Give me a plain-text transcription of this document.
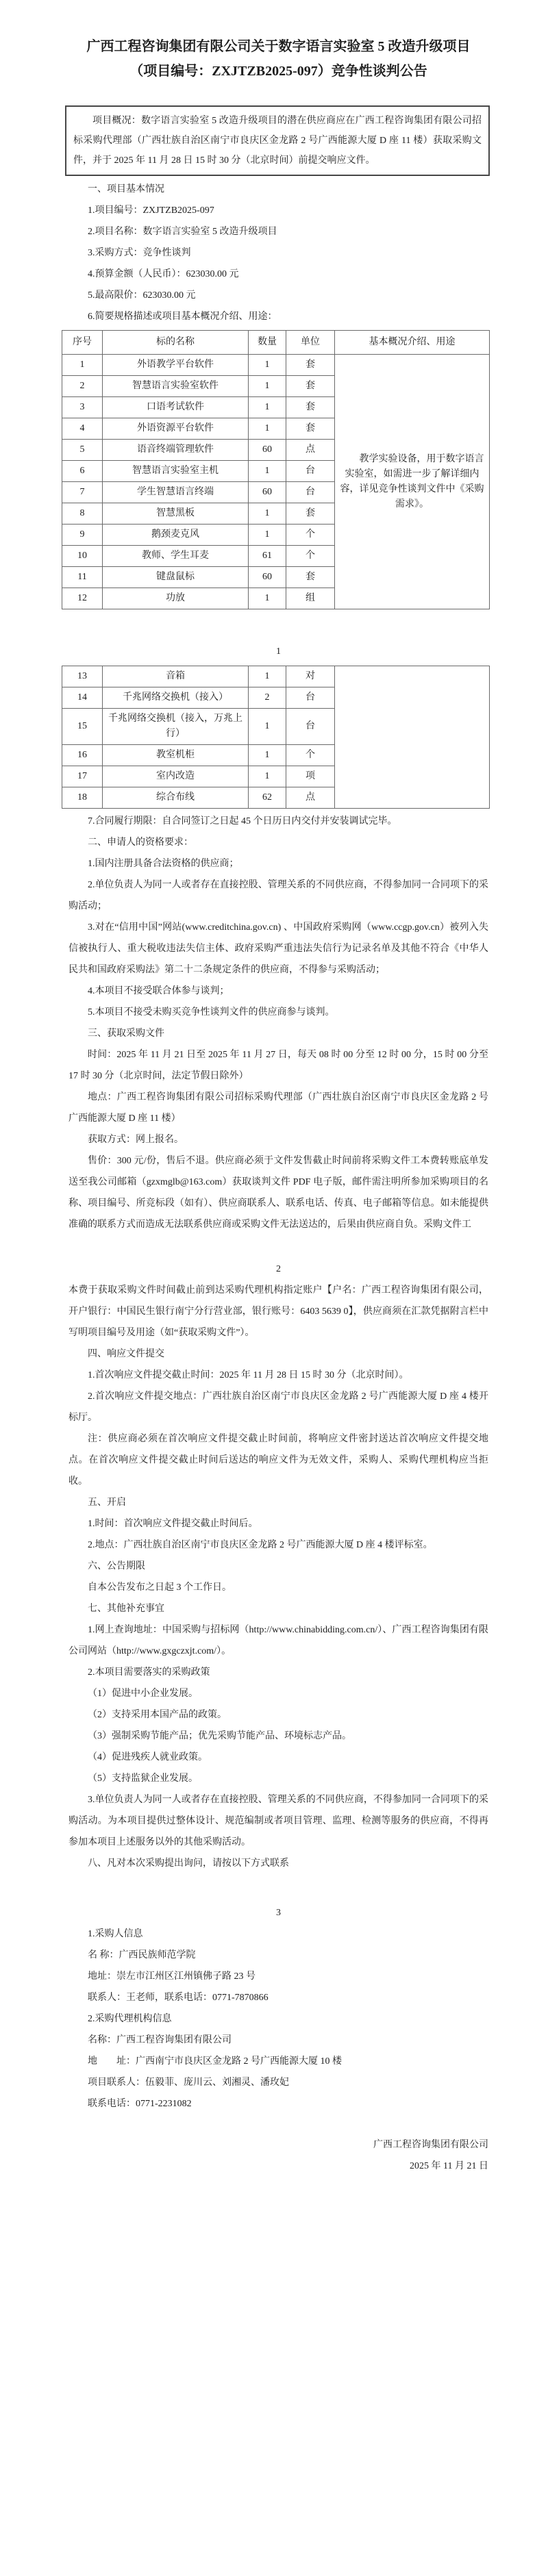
广西工程咨询集团有限公司关于数字语言实验室 5 改造升级项目
（项目编号：ZXJTZB2025-097）竞争性谈判公告
项目概况：数字语言实验室 5 改造升级项目的潜在供应商应在广西工程咨询集团有限公司招标采购代理部（广西壮族自治区南宁市良庆区金龙路 2 号广西能源大厦 D 座 11 楼）获取采购文件，并于 2025 年 11 月 28 日 15 时 30 分（北京时间）前提交响应文件。

一、项目基本情况

1.项目编号：ZXJTZB2025-097

2.项目名称：数字语言实验室 5 改造升级项目

3.采购方式：竞争性谈判

4.预算金额（人民币）：623030.00 元

5.最高限价：623030.00 元

6.简要规格描述或项目基本概况介绍、用途：

序号	标的名称	数量	单位	基本概况介绍、用途
1	外语教学平台软件	1	套	教学实验设备，用于数字语言实验室，如需进一步了解详细内容，详见竞争性谈判文件中《采购需求》。
2	智慧语言实验室软件	1	套	
3	口语考试软件	1	套	
4	外语资源平台软件	1	套	
5	语音终端管理软件	60	点	
6	智慧语言实验室主机	1	台	
7	学生智慧语言终端	60	台	
8	智慧黑板	1	套	
9	鹅颈麦克风	1	个	
10	教师、学生耳麦	61	个	
11	键盘鼠标	60	套	
12	功放	1	组	
1
13	音箱	1	对	
14	千兆网络交换机（接入）	2	台	
15	千兆网络交换机（接入，万兆上行）	1	台	
16	教室机柜	1	个	
17	室内改造	1	项	
18	综合布线	62	点	

7.合同履行期限：自合同签订之日起 45 个日历日内交付并安装调试完毕。

二、申请人的资格要求：

1.国内注册具备合法资格的供应商；

2.单位负责人为同一人或者存在直接控股、管理关系的不同供应商，不得参加同一合同项下的采购活动；

3.对在“信用中国”网站(www.creditchina.gov.cn) 、中国政府采购网（www.ccgp.gov.cn）被列入失信被执行人、重大税收违法失信主体、政府采购严重违法失信行为记录名单及其他不符合《中华人民共和国政府采购法》第二十二条规定条件的供应商，不得参与采购活动；

4.本项目不接受联合体参与谈判；

5.本项目不接受未购买竞争性谈判文件的供应商参与谈判。

三、获取采购文件

时间：2025 年 11 月 21 日至 2025 年 11 月 27 日，每天 08 时 00 分至 12 时 00 分，15 时 00 分至 17 时 30 分（北京时间，法定节假日除外）

地点：广西工程咨询集团有限公司招标采购代理部（广西壮族自治区南宁市良庆区金龙路 2 号广西能源大厦 D 座 11 楼）

获取方式：网上报名。

售价：300 元/份，售后不退。供应商必须于文件发售截止时间前将采购文件工本费转账底单发送至我公司邮箱（gzxmglb@163.com）获取谈判文件 PDF 电子版，邮件需注明所参加采购项目的名称、项目编号、所竞标段（如有）、供应商联系人、联系电话、传真、电子邮箱等信息。如未能提供准确的联系方式而造成无法联系供应商或采购文件无法送达的，后果由供应商自负。采购文件工

2

本费于获取采购文件时间截止前到达采购代理机构指定账户【户名：广西工程咨询集团有限公司，开户银行：中国民生银行南宁分行营业部，银行账号：6403 5639 0】，供应商须在汇款凭据附言栏中写明项目编号及用途（如“获取采购文件”）。

四、响应文件提交

1.首次响应文件提交截止时间：2025 年 11 月 28 日 15 时 30 分（北京时间）。

2.首次响应文件提交地点：广西壮族自治区南宁市良庆区金龙路 2 号广西能源大厦 D 座 4 楼开标厅。

注：供应商必须在首次响应文件提交截止时间前，将响应文件密封送达首次响应文件提交地点。在首次响应文件提交截止时间后送达的响应文件为无效文件，采购人、采购代理机构应当拒收。

五、开启

1.时间：首次响应文件提交截止时间后。

2.地点：广西壮族自治区南宁市良庆区金龙路 2 号广西能源大厦 D 座 4 楼评标室。

六、公告期限

自本公告发布之日起 3 个工作日。

七、其他补充事宜

1.网上查询地址：中国采购与招标网（http://www.chinabidding.com.cn/）、广西工程咨询集团有限公司网站（http://www.gxgczxjt.com/）。

2.本项目需要落实的采购政策

（1）促进中小企业发展。

（2）支持采用本国产品的政策。

（3）强制采购节能产品；优先采购节能产品、环境标志产品。

（4）促进残疾人就业政策。

（5）支持监狱企业发展。

3.单位负责人为同一人或者存在直接控股、管理关系的不同供应商，不得参加同一合同项下的采购活动。为本项目提供过整体设计、规范编制或者项目管理、监理、检测等服务的供应商，不得再参加本项目上述服务以外的其他采购活动。

八、凡对本次采购提出询问，请按以下方式联系

3

1.采购人信息

名 称：广西民族师范学院

地址：崇左市江州区江州镇佛子路 23 号

联系人：王老师，联系电话：0771-7870866

2.采购代理机构信息

名称：广西工程咨询集团有限公司

地　　址：广西南宁市良庆区金龙路 2 号广西能源大厦 10 楼

项目联系人：伍毅菲、庞川云、刘湘灵、潘玫妃

联系电话：0771-2231082

广西工程咨询集团有限公司

2025 年 11 月 21 日
